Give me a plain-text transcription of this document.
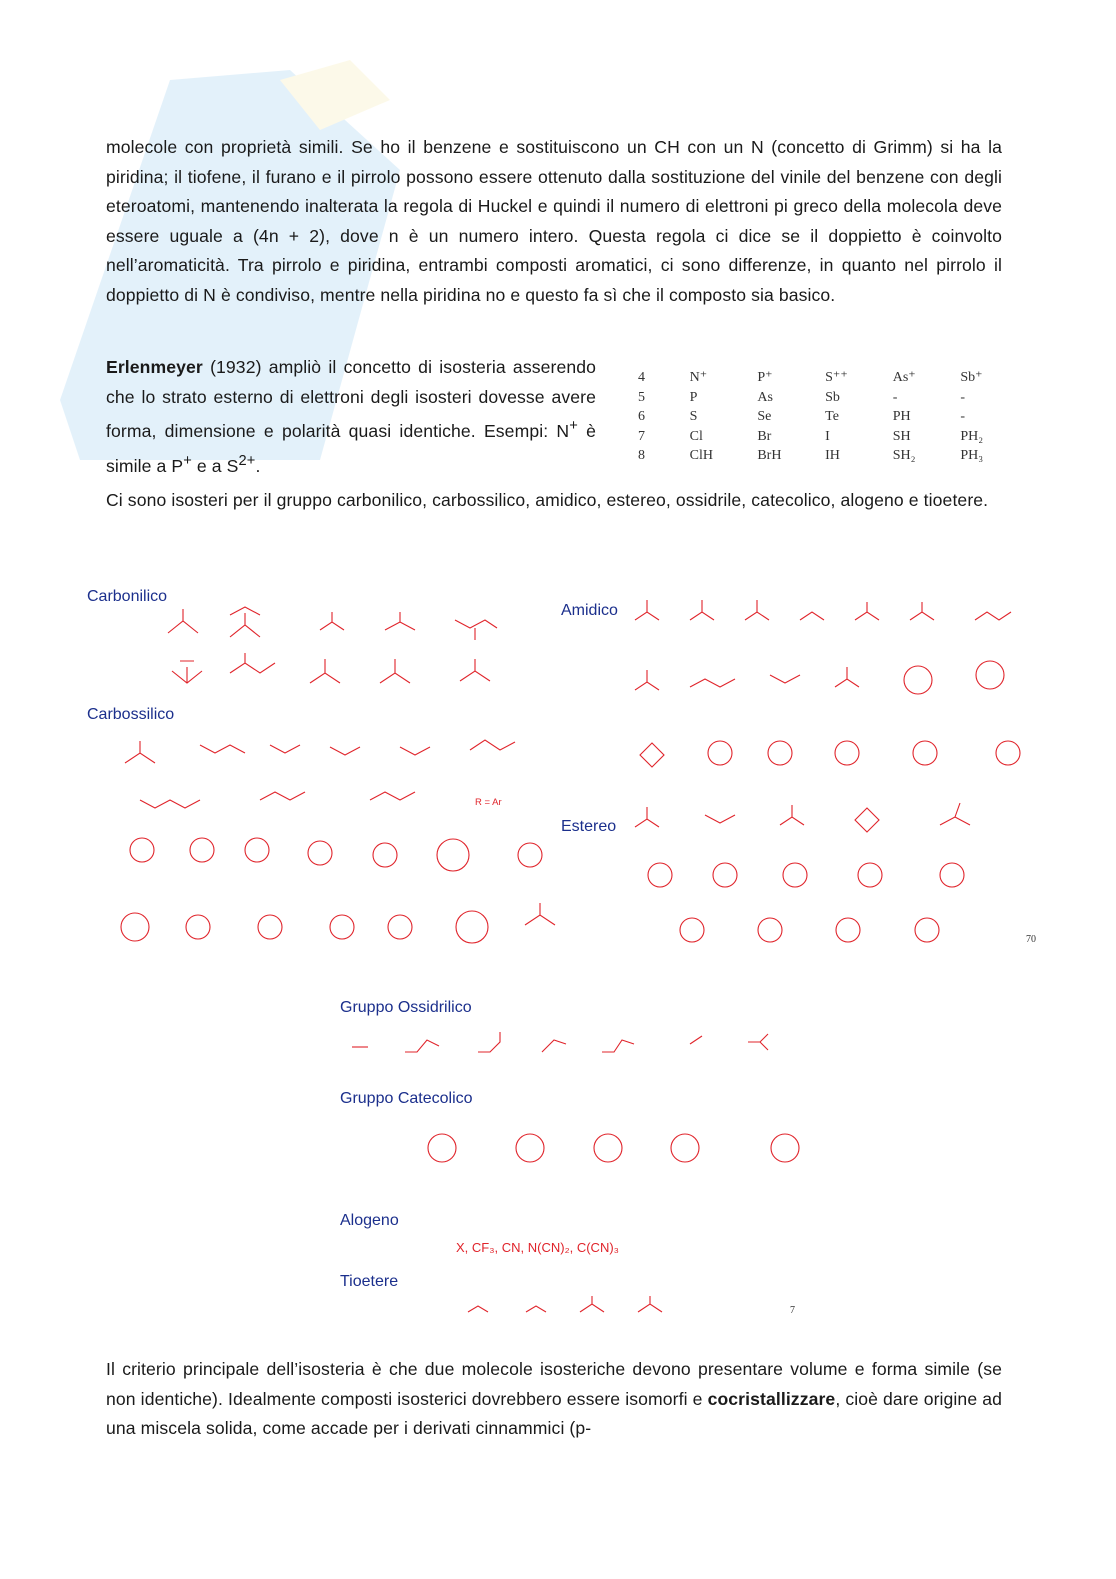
molecole con proprietà simili. Se ho il benzene e sostituiscono un CH con un N (concetto di Grimm) si ha la piridina; il tiofene, il furano e il pirrolo possono essere ottenuto dalla sostituzione del vinile del benzene con degli eteroatomi, mantenendo inalterata la regola di Huckel e quindi il numero di elettroni pi greco della molecola deve essere uguale a (4n + 2), dove n è un numero intero. Questa regola ci dice se il doppietto è coinvolto nell’aromaticità. Tra pirrolo e piridina, entrambi composti aromatici, ci sono differenze, in quanto nel pirrolo il doppietto di N è condiviso, mentre nella piridina no e questo fa sì che il composto sia basico.
Erlenmeyer (1932) ampliò il concetto di isosteria asserendo che lo strato esterno di elettroni degli isosteri dovesse avere forma, dimensione e polarità quasi identiche. Esempi: N+ è simile a P+ e a $S^{2+}$.
4	N⁺	P⁺	S⁺⁺	As⁺	Sb⁺
5	P	As	Sb	-	-
6	S	Se	Te	PH	-
7	Cl	Br	I	SH	PH₂
8	ClH	BrH	IH	SH₂	PH₃
Ci sono isosteri per il gruppo carbonilico, carbossilico, amidico, estereo, ossidrile, catecolico, alogeno e tioetere.
Carbonilico
Carbossilico
Amidico
Estereo
R = Ar
70
Gruppo Ossidrilico
Gruppo Catecolico
Alogeno
Tioetere
X, CF₃, CN, N(CN)₂, C(CN)₃
7
Il criterio principale dell’isosteria è che due molecole isosteriche devono presentare volume e forma simile (se non identiche). Idealmente composti isosterici dovrebbero essere isomorfi e cocristallizzare, cioè dare origine ad una miscela solida, come accade per i derivati cinnammici (p-
